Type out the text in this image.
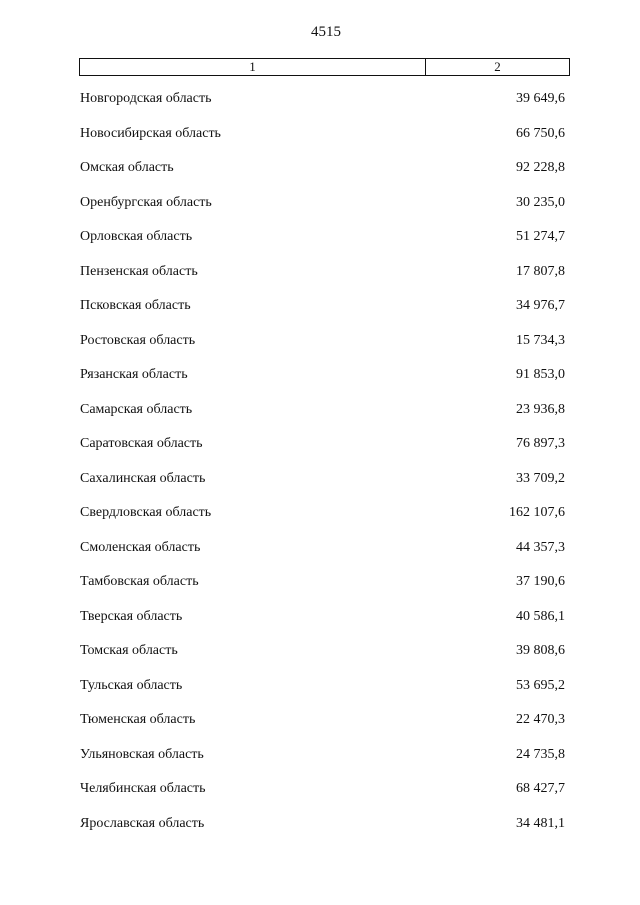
4515
1	2
Новгородская область	39 649,6
Новосибирская область	66 750,6
Омская область	92 228,8
Оренбургская область	30 235,0
Орловская область	51 274,7
Пензенская область	17 807,8
Псковская область	34 976,7
Ростовская область	15 734,3
Рязанская область	91 853,0
Самарская область	23 936,8
Саратовская область	76 897,3
Сахалинская область	33 709,2
Свердловская область	162 107,6
Смоленская область	44 357,3
Тамбовская область	37 190,6
Тверская область	40 586,1
Томская область	39 808,6
Тульская область	53 695,2
Тюменская область	22 470,3
Ульяновская область	24 735,8
Челябинская область	68 427,7
Ярославская область	34 481,1
